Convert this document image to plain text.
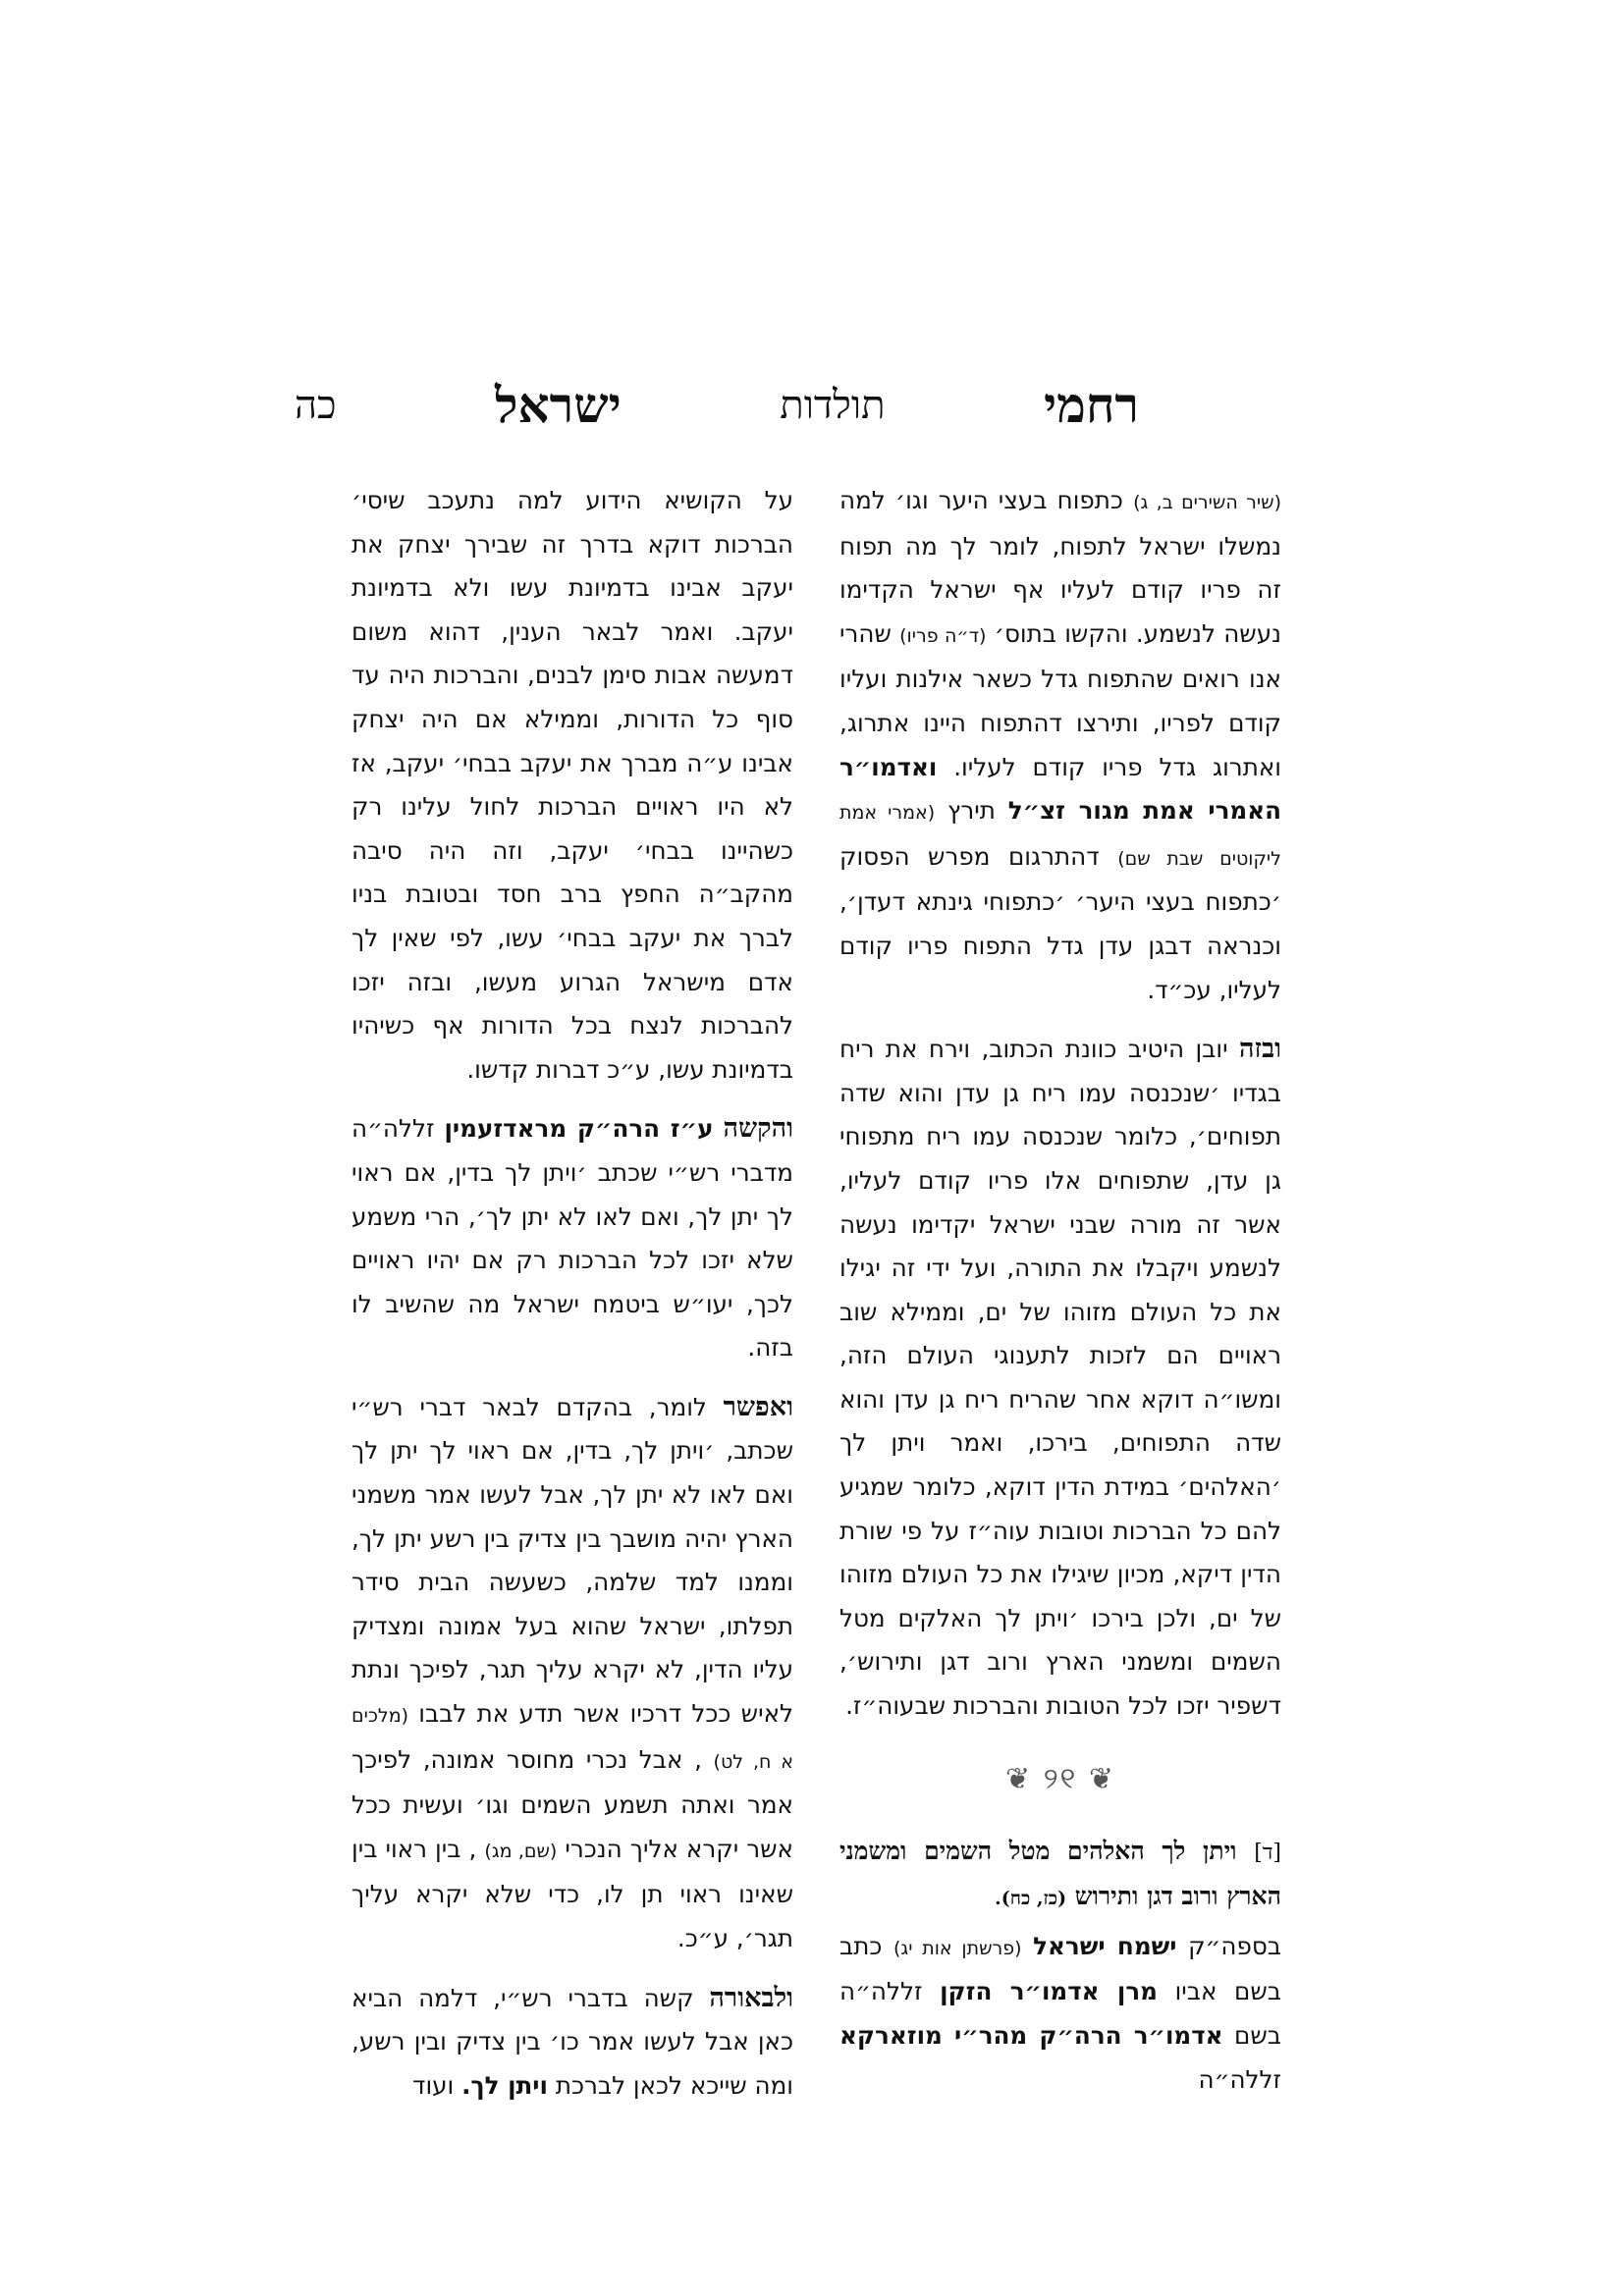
רחמי
תולדות
ישראל
כה

(שיר השירים ב, ג) כתפוח בעצי היער וגו׳ למה נמשלו ישראל לתפוח, לומר לך מה תפוח זה פריו קודם לעליו אף ישראל הקדימו נעשה לנשמע. והקשו בתוס׳ (ד״ה פריו) שהרי אנו רואים שהתפוח גדל כשאר אילנות ועליו קודם לפריו, ותירצו דהתפוח היינו אתרוג, ואתרוג גדל פריו קודם לעליו. ואדמו״ר האמרי אמת מגור זצ״ל תירץ (אמרי אמת ליקוטים שבת שם) דהתרגום מפרש הפסוק ׳כתפוח בעצי היער׳ ׳כתפוחי גינתא דעדן׳, וכנראה דבגן עדן גדל התפוח פריו קודם לעליו, עכ״ד.

ובזה יובן היטיב כוונת הכתוב, וירח את ריח בגדיו ׳שנכנסה עמו ריח גן עדן והוא שדה תפוחים׳, כלומר שנכנסה עמו ריח מתפוחי גן עדן, שתפוחים אלו פריו קודם לעליו, אשר זה מורה שבני ישראל יקדימו נעשה לנשמע ויקבלו את התורה, ועל ידי זה יגילו את כל העולם מזוהו של ים, וממילא שוב ראויים הם לזכות לתענוגי העולם הזה, ומשו״ה דוקא אחר שהריח ריח גן עדן והוא שדה התפוחים, בירכו, ואמר ויתן לך ׳האלהים׳ במידת הדין דוקא, כלומר שמגיע להם כל הברכות וטובות עוה״ז על פי שורת הדין דיקא, מכיון שיגילו את כל העולם מזוהו של ים, ולכן בירכו ׳ויתן לך האלקים מטל השמים ומשמני הארץ ורוב דגן ותירוש׳, דשפיר יזכו לכל הטובות והברכות שבעוה״ז.

❦ ୨୧ ❦

[ד] ויתן לך האלהים מטל השמים ומשמני הארץ ורוב דגן ותירוש (כז, כח).

בספה״ק ישמח ישראל (פרשתן אות יג) כתב בשם אביו מרן אדמו״ר הזקן זללה״ה בשם אדמו״ר הרה״ק מהר״י מוזארקא זללה״ה

על הקושיא הידוע למה נתעכב שיסי׳ הברכות דוקא בדרך זה שבירך יצחק את יעקב אבינו בדמיונת עשו ולא בדמיונת יעקב. ואמר לבאר הענין, דהוא משום דמעשה אבות סימן לבנים, והברכות היה עד סוף כל הדורות, וממילא אם היה יצחק אבינו ע״ה מברך את יעקב בבחי׳ יעקב, אז לא היו ראויים הברכות לחול עלינו רק כשהיינו בבחי׳ יעקב, וזה היה סיבה מהקב״ה החפץ ברב חסד ובטובת בניו לברך את יעקב בבחי׳ עשו, לפי שאין לך אדם מישראל הגרוע מעשו, ובזה יזכו להברכות לנצח בכל הדורות אף כשיהיו בדמיונת עשו, ע״כ דברות קדשו.

והקשה ע״ז הרה״ק מראדזעמין זללה״ה מדברי רש״י שכתב ׳ויתן לך בדין, אם ראוי לך יתן לך, ואם לאו לא יתן לך׳, הרי משמע שלא יזכו לכל הברכות רק אם יהיו ראויים לכך, יעו״ש ביטמח ישראל מה שהשיב לו בזה.

ואפשר לומר, בהקדם לבאר דברי רש״י שכתב, ׳ויתן לך, בדין, אם ראוי לך יתן לך ואם לאו לא יתן לך, אבל לעשו אמר משמני הארץ יהיה מושבך בין צדיק בין רשע יתן לך, וממנו למד שלמה, כשעשה הבית סידר תפלתו, ישראל שהוא בעל אמונה ומצדיק עליו הדין, לא יקרא עליך תגר, לפיכך ונתת לאיש ככל דרכיו אשר תדע את לבבו (מלכים א ח, לט) , אבל נכרי מחוסר אמונה, לפיכך אמר ואתה תשמע השמים וגו׳ ועשית ככל אשר יקרא אליך הנכרי (שם, מג) , בין ראוי בין שאינו ראוי תן לו, כדי שלא יקרא עליך תגר׳, ע״כ.

ולבאורה קשה בדברי רש״י, דלמה הביא כאן אבל לעשו אמר כו׳ בין צדיק ובין רשע, ומה שייכא לכאן לברכת ויתן לך. ועוד
